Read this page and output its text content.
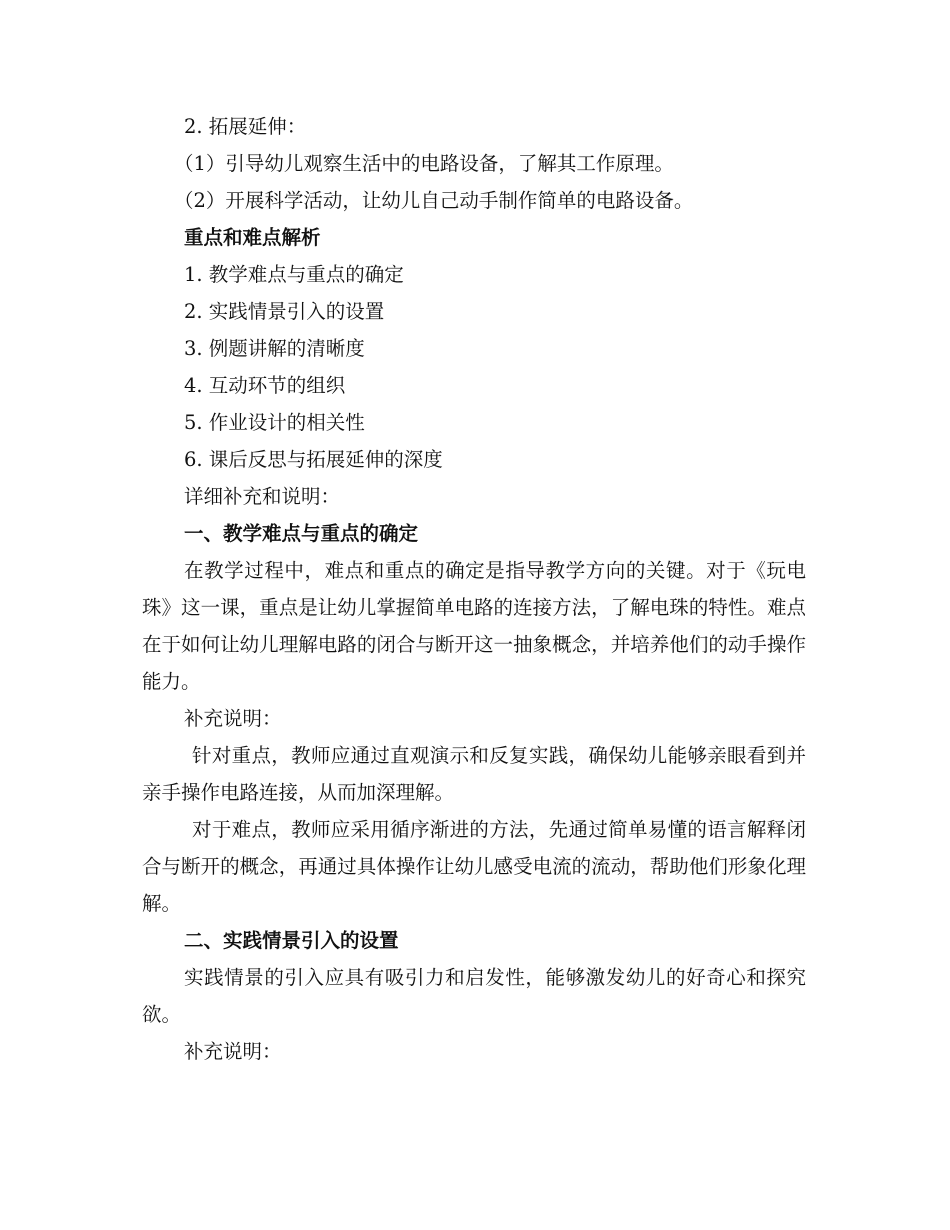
2. 拓展延伸：
（1）引导幼儿观察生活中的电路设备，了解其工作原理。
（2）开展科学活动，让幼儿自己动手制作简单的电路设备。
重点和难点解析
1. 教学难点与重点的确定
2. 实践情景引入的设置
3. 例题讲解的清晰度
4. 互动环节的组织
5. 作业设计的相关性
6. 课后反思与拓展延伸的深度
详细补充和说明：
一、教学难点与重点的确定
在教学过程中，难点和重点的确定是指导教学方向的关键。对于《玩电珠》这一课，重点是让幼儿掌握简单电路的连接方法，了解电珠的特性。难点在于如何让幼儿理解电路的闭合与断开这一抽象概念，并培养他们的动手操作能力。
补充说明：
针对重点，教师应通过直观演示和反复实践，确保幼儿能够亲眼看到并亲手操作电路连接，从而加深理解。
对于难点，教师应采用循序渐进的方法，先通过简单易懂的语言解释闭合与断开的概念，再通过具体操作让幼儿感受电流的流动，帮助他们形象化理解。
二、实践情景引入的设置
实践情景的引入应具有吸引力和启发性，能够激发幼儿的好奇心和探究欲。
补充说明：
